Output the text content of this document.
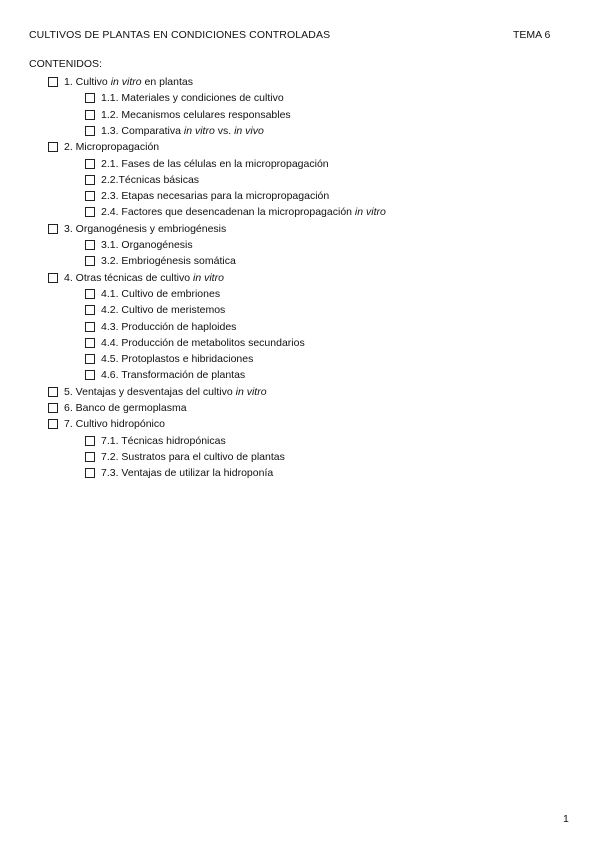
CULTIVOS DE PLANTAS EN CONDICIONES CONTROLADAS	TEMA 6
CONTENIDOS:
1. Cultivo in vitro en plantas
1.1. Materiales y condiciones de cultivo
1.2. Mecanismos celulares responsables
1.3. Comparativa in vitro vs. in vivo
2. Micropropagación
2.1. Fases de las células en la micropropagación
2.2.Técnicas básicas
2.3. Etapas necesarias para la micropropagación
2.4. Factores que desencadenan la micropropagación in vitro
3. Organogénesis y embriogénesis
3.1. Organogénesis
3.2. Embriogénesis somática
4. Otras técnicas de cultivo in vitro
4.1. Cultivo de embriones
4.2. Cultivo de meristemos
4.3. Producción de haploides
4.4. Producción de metabolitos secundarios
4.5. Protoplastos e hibridaciones
4.6. Transformación de plantas
5. Ventajas y desventajas del cultivo in vitro
6. Banco de germoplasma
7. Cultivo hidropónico
7.1. Técnicas hidropónicas
7.2. Sustratos para el cultivo de plantas
7.3. Ventajas de utilizar la hidroponía
1
